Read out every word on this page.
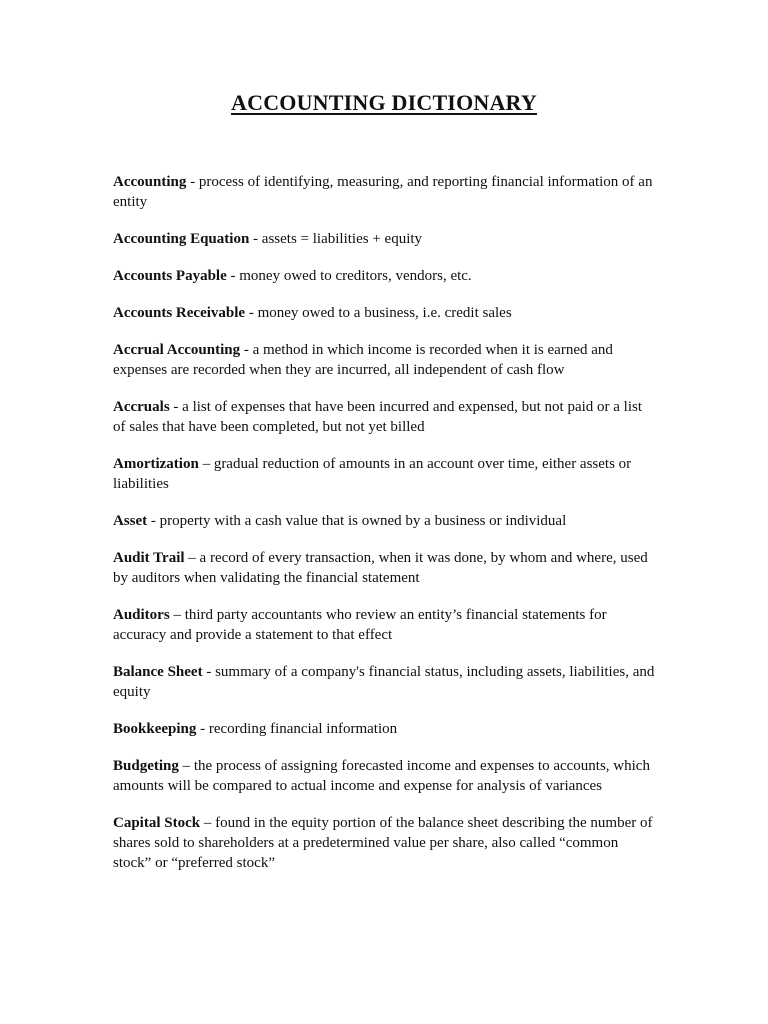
ACCOUNTING DICTIONARY

Accounting - process of identifying, measuring, and reporting financial information of an entity

Accounting Equation - assets = liabilities + equity

Accounts Payable - money owed to creditors, vendors, etc.

Accounts Receivable - money owed to a business, i.e. credit sales

Accrual Accounting - a method in which income is recorded when it is earned and expenses are recorded when they are incurred, all independent of cash flow

Accruals - a list of expenses that have been incurred and expensed, but not paid or a list of sales that have been completed, but not yet billed

Amortization – gradual reduction of amounts in an account over time, either assets or liabilities

Asset - property with a cash value that is owned by a business or individual

Audit Trail – a record of every transaction, when it was done, by whom and where, used by auditors when validating the financial statement

Auditors – third party accountants who review an entity’s financial statements for accuracy and provide a statement to that effect

Balance Sheet - summary of a company's financial status, including assets, liabilities, and equity

Bookkeeping - recording financial information

Budgeting – the process of assigning forecasted income and expenses to accounts, which amounts will be compared to actual income and expense for analysis of variances

Capital Stock – found in the equity portion of the balance sheet describing the number of shares sold to shareholders at a predetermined value per share, also called “common stock” or “preferred stock”
